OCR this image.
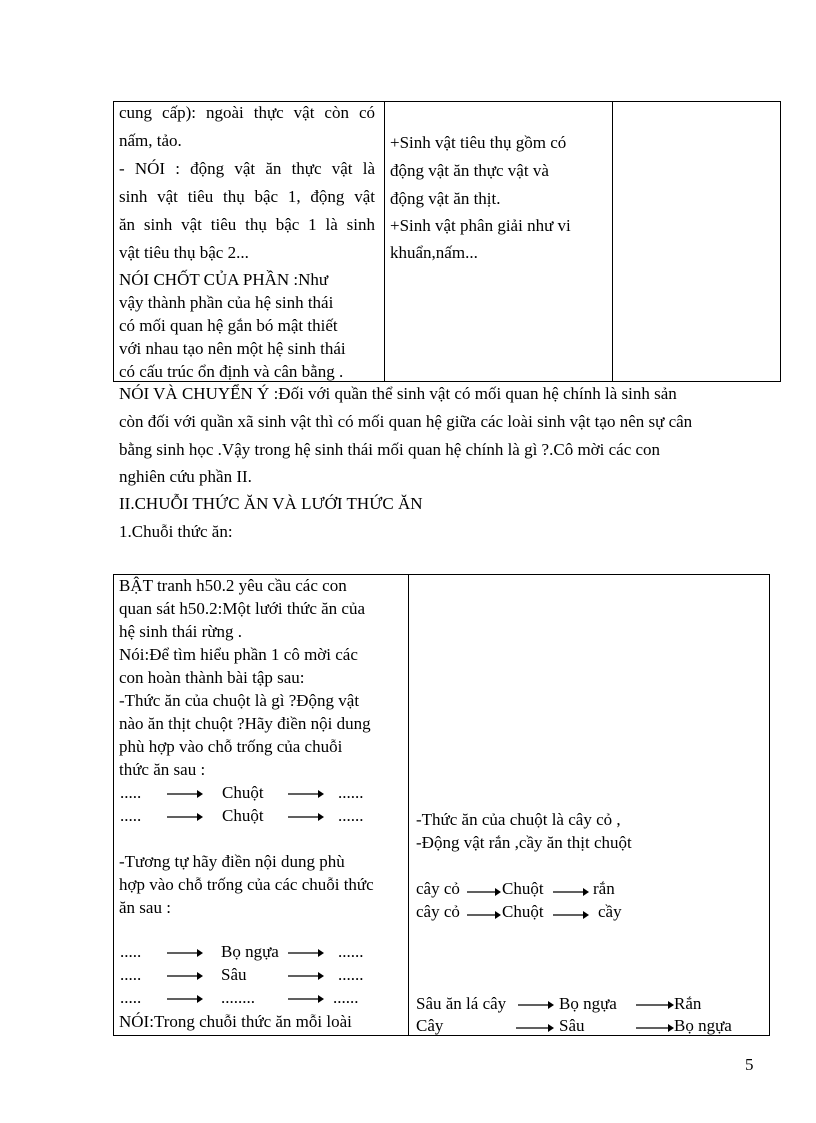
cung cấp): ngoài thực vật còn có
nấm, tảo.
- NÓI : động vật ăn thực vật là
sinh vật tiêu thụ bậc 1, động vật
ăn sinh vật tiêu thụ bậc 1 là sinh
vật tiêu thụ bậc 2...
NÓI CHỐT CỦA PHẦN :Như
vậy thành phần của hệ sinh thái
có mối quan hệ gắn bó mật thiết
với nhau tạo nên một hệ sinh thái
có cấu trúc ổn định và cân bằng .
+Sinh vật tiêu thụ gồm có
động vật ăn thực vật và
động vật ăn thịt.
+Sinh vật phân giải như vi
khuẩn,nấm...
NÓI VÀ CHUYỂN Ý :Đối với quần thể sinh vật có mối quan hệ chính là sinh sản
còn đối với quần xã sinh vật thì có mối quan hệ giữa các loài sinh vật tạo nên sự cân
bằng sinh học .Vậy trong hệ sinh thái mối quan hệ chính là gì ?.Cô mời các con
nghiên cứu phần II.
II.CHUỖI THỨC ĂN VÀ LƯỚI THỨC ĂN
1.Chuỗi thức ăn:
BẬT tranh h50.2 yêu cầu các con
quan sát h50.2:Một lưới thức ăn của
hệ sinh thái rừng .
Nói:Để tìm hiểu phần 1 cô mời các
con hoàn thành bài tập sau:
-Thức ăn của chuột là gì ?Động vật
nào ăn thịt chuột ?Hãy điền nội dung
phù hợp vào chỗ trống của chuỗi
thức ăn sau :
.....	Chuột	......
.....	Chuột	......
-Tương tự hãy điền nội dung phù
hợp vào chỗ trống của các chuỗi thức
ăn sau :
.....	Bọ ngựa	......
.....	Sâu	......
.....	........	......
NÓI:Trong chuỗi thức ăn mỗi loài
-Thức ăn của chuột là cây cỏ ,
-Động vật rắn ,cầy ăn thịt chuột
cây cỏ Chuột	rắn
cây cỏ Chuột	cầy
Sâu ăn lá cây	Bọ ngựa	Rắn
Cây	Sâu	Bọ ngựa
5
